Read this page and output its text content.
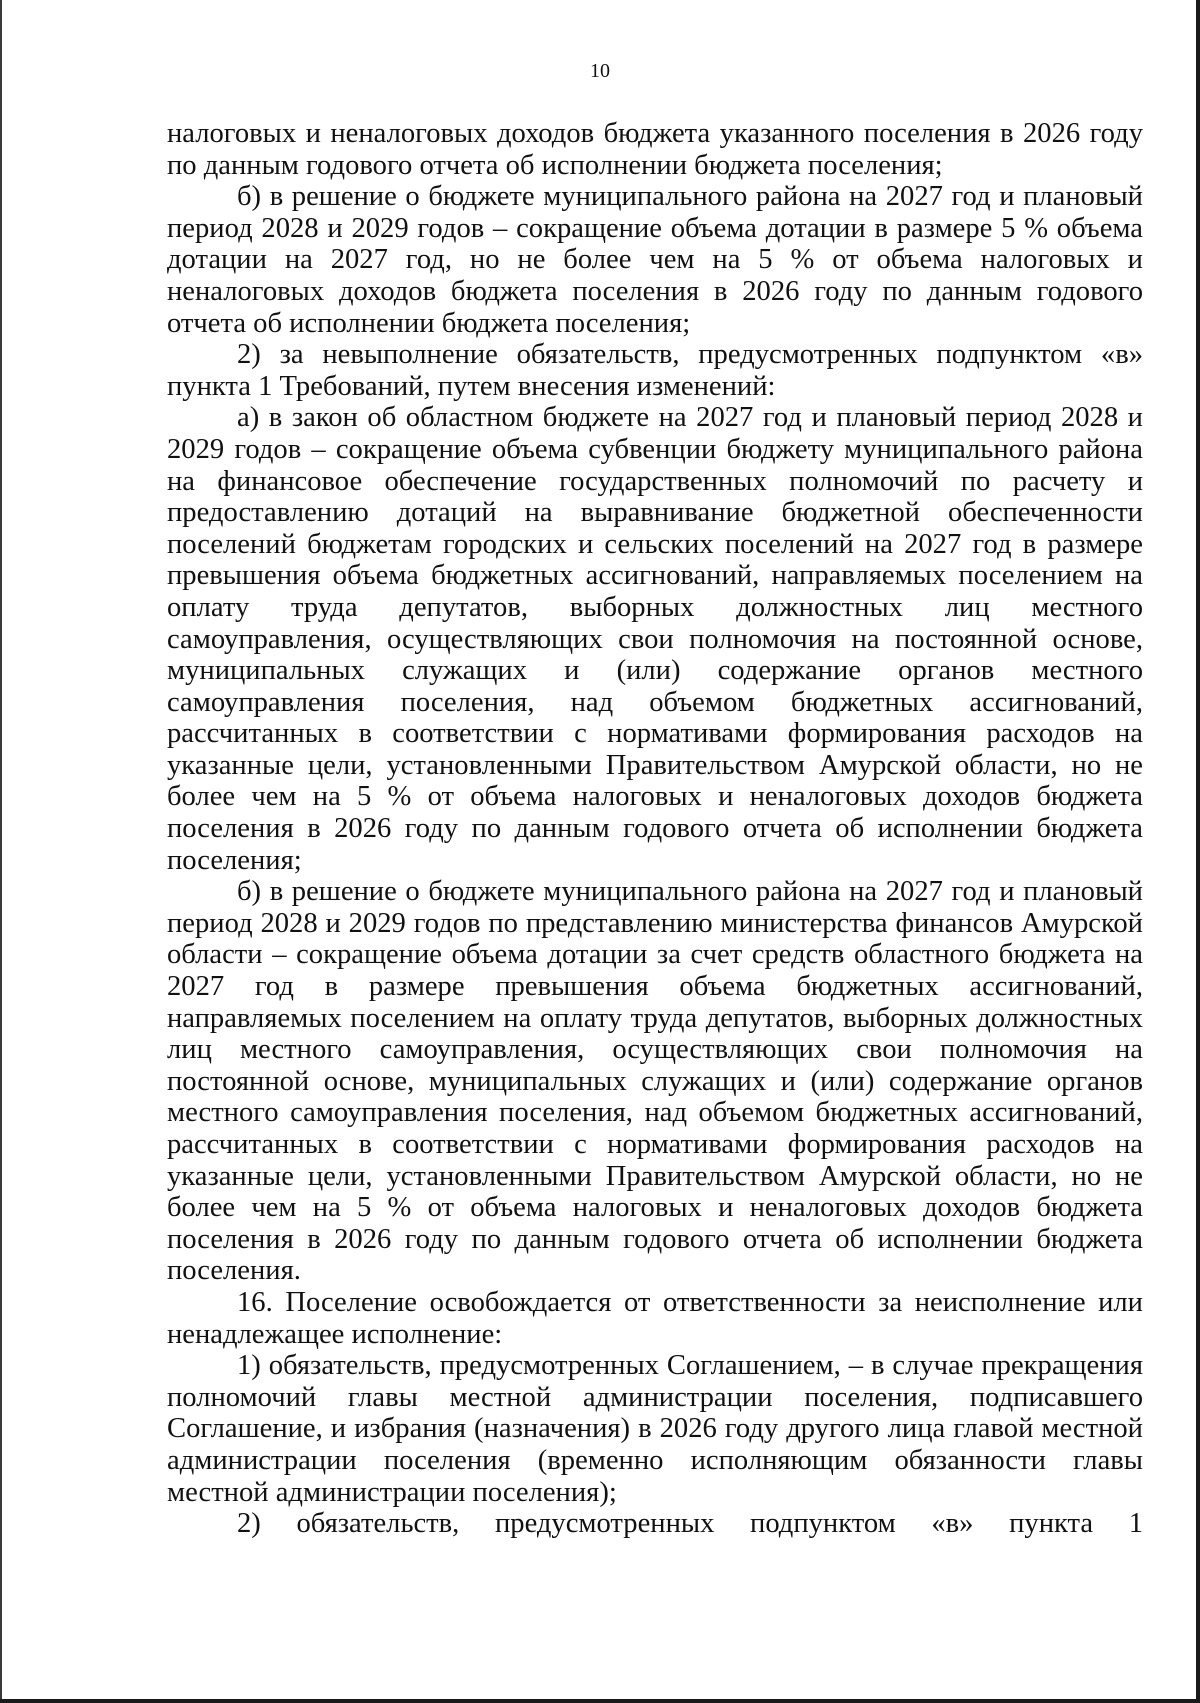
10

налоговых и неналоговых доходов бюджета указанного поселения в 2026 году по данным годового отчета об исполнении бюджета поселения;

б) в решение о бюджете муниципального района на 2027 год и плановый период 2028 и 2029 годов – сокращение объема дотации в размере 5 % объема дотации на 2027 год, но не более чем на 5 % от объема налоговых и неналоговых доходов бюджета поселения в 2026 году по данным годового отчета об исполнении бюджета поселения;

2) за невыполнение обязательств, предусмотренных подпунктом «в» пункта 1 Требований, путем внесения изменений:

а) в закон об областном бюджете на 2027 год и плановый период 2028 и 2029 годов – сокращение объема субвенции бюджету муниципального района на финансовое обеспечение государственных полномочий по расчету и предоставлению дотаций на выравнивание бюджетной обеспеченности поселений бюджетам городских и сельских поселений на 2027 год в размере превышения объема бюджетных ассигнований, направляемых поселением на оплату труда депутатов, выборных должностных лиц местного самоуправления, осуществляющих свои полномочия на постоянной основе, муниципальных служащих и (или) содержание органов местного самоуправления поселения, над объемом бюджетных ассигнований, рассчитанных в соответствии с нормативами формирования расходов на указанные цели, установленными Правительством Амурской области, но не более чем на 5 % от объема налоговых и неналоговых доходов бюджета поселения в 2026 году по данным годового отчета об исполнении бюджета поселения;

б) в решение о бюджете муниципального района на 2027 год и плановый период 2028 и 2029 годов по представлению министерства финансов Амурской области – сокращение объема дотации за счет средств областного бюджета на 2027 год в размере превышения объема бюджетных ассигнований, направляемых поселением на оплату труда депутатов, выборных должностных лиц местного самоуправления, осуществляющих свои полномочия на постоянной основе, муниципальных служащих и (или) содержание органов местного самоуправления поселения, над объемом бюджетных ассигнований, рассчитанных в соответствии с нормативами формирования расходов на указанные цели, установленными Правительством Амурской области, но не более чем на 5 % от объема налоговых и неналоговых доходов бюджета поселения в 2026 году по данным годового отчета об исполнении бюджета поселения.

16. Поселение освобождается от ответственности за неисполнение или ненадлежащее исполнение:

1) обязательств, предусмотренных Соглашением, – в случае прекращения полномочий главы местной администрации поселения, подписавшего Соглашение, и избрания (назначения) в 2026 году другого лица главой местной администрации поселения (временно исполняющим обязанности главы местной администрации поселения);

2) обязательств, предусмотренных подпунктом «в» пункта 1
